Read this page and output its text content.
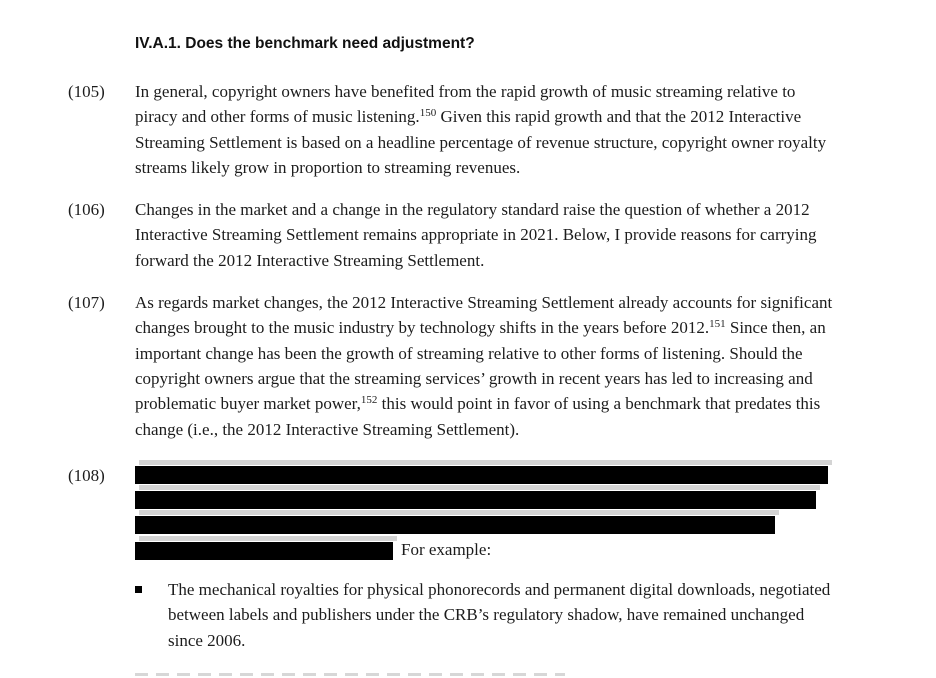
IV.A.1. Does the benchmark need adjustment?
(105) In general, copyright owners have benefited from the rapid growth of music streaming relative to piracy and other forms of music listening.$^{150}$ Given this rapid growth and that the 2012 Interactive Streaming Settlement is based on a headline percentage of revenue structure, copyright owner royalty streams likely grow in proportion to streaming revenues.
(106) Changes in the market and a change in the regulatory standard raise the question of whether a 2012 Interactive Streaming Settlement remains appropriate in 2021. Below, I provide reasons for carrying forward the 2012 Interactive Streaming Settlement.
(107) As regards market changes, the 2012 Interactive Streaming Settlement already accounts for significant changes brought to the music industry by technology shifts in the years before 2012.$^{151}$ Since then, an important change has been the growth of streaming relative to other forms of listening. Should the copyright owners argue that the streaming services’ growth in recent years has led to increasing and problematic buyer market power,$^{152}$ this would point in favor of using a benchmark that predates this change (i.e., the 2012 Interactive Streaming Settlement).
(108)
For example:
The mechanical royalties for physical phonorecords and permanent digital downloads, negotiated between labels and publishers under the CRB’s regulatory shadow, have remained unchanged since 2006.
